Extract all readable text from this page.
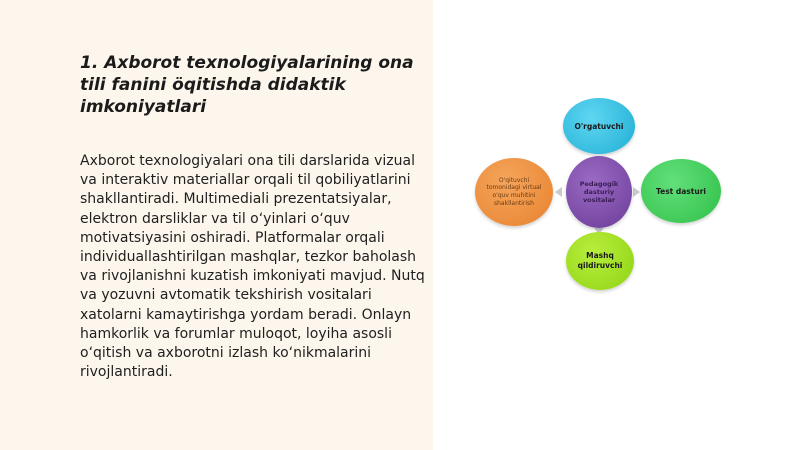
1. Axborot texnologiyalarining ona tili fanini öqitishda didaktik imkoniyatlari

Axborot texnologiyalari ona tili darslarida vizual va interaktiv materiallar orqali til qobiliyatlarini shakllantiradi. Multimediali prezentatsiyalar, elektron darsliklar va til o‘yinlari o‘quv motivatsiyasini oshiradi. Platformalar orqali individuallashtirilgan mashqlar, tezkor baholash va rivojlanishni kuzatish imkoniyati mavjud. Nutq va yozuvni avtomatik tekshirish vositalari xatolarni kamaytirishga yordam beradi. Onlayn hamkorlik va forumlar muloqot, loyiha asosli o‘qitish va axborotni izlash ko‘nikmalarini rivojlantiradi.

O'rgatuvchi
O'qituvchi tomonidagi virtual o'quv muhitini shakllantirish
Pedagogik dasturiy vositalar
Test dasturi
Mashq qildiruvchi
